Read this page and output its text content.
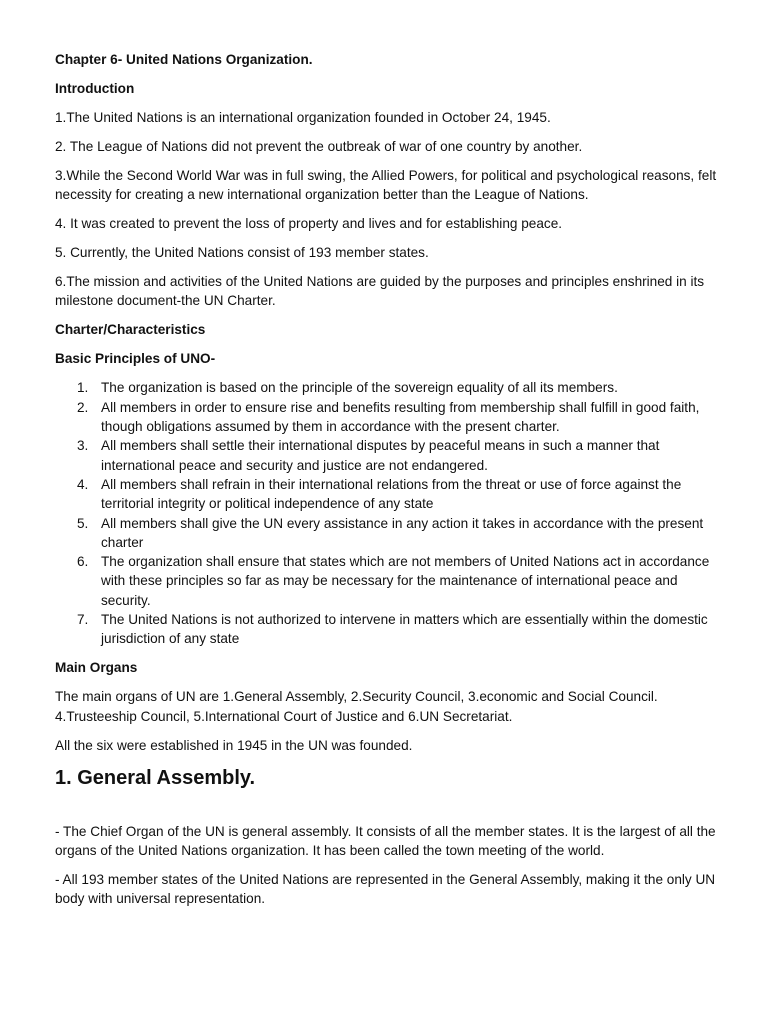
Chapter 6- United Nations Organization.
Introduction

1.The United Nations is an international organization founded in October 24, 1945.

2. The League of Nations did not prevent the outbreak of war of one country by another.

3.While the Second World War was in full swing, the Allied Powers, for political and psychological reasons, felt necessity for creating a new international organization better than the League of Nations.

4. It was created to prevent the loss of property and lives and for establishing peace.

5. Currently, the United Nations consist of 193 member states.

6.The mission and activities of the United Nations are guided by the purposes and principles enshrined in its milestone document-the UN Charter.

Charter/Characteristics
Basic Principles of UNO-
1. The organization is based on the principle of the sovereign equality of all its members.
2. All members in order to ensure rise and benefits resulting from membership shall fulfill in good faith, though obligations assumed by them in accordance with the present charter.
3. All members shall settle their international disputes by peaceful means in such a manner that international peace and security and justice are not endangered.
4. All members shall refrain in their international relations from the threat or use of force against the territorial integrity or political independence of any state
5. All members shall give the UN every assistance in any action it takes in accordance with the present charter
6. The organization shall ensure that states which are not members of United Nations act in accordance with these principles so far as may be necessary for the maintenance of international peace and security.
7. The United Nations is not authorized to intervene in matters which are essentially within the domestic jurisdiction of any state
Main Organs

The main organs of UN are 1.General Assembly, 2.Security Council, 3.economic and Social Council. 4.Trusteeship Council, 5.International Court of Justice and 6.UN Secretariat.

All the six were established in 1945 in the UN was founded.

1. General Assembly.

- The Chief Organ of the UN is general assembly. It consists of all the member states. It is the largest of all the organs of the United Nations organization. It has been called the town meeting of the world.

- All 193 member states of the United Nations are represented in the General Assembly, making it the only UN body with universal representation.
